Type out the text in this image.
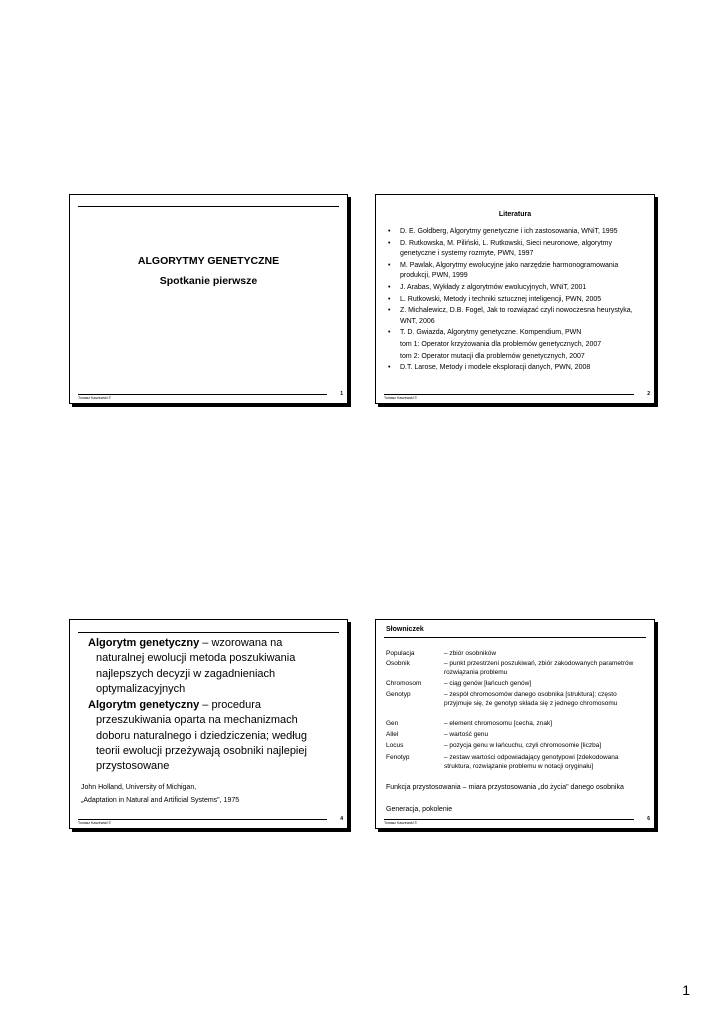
ALGORYTMY GENETYCZNE
Spotkanie pierwsze
Tomasz Kaszewski ©
1
Literatura
• D. E. Goldberg, Algorytmy genetyczne i ich zastosowania, WNiT, 1995
• D. Rutkowska, M. Piliński, L. Rutkowski, Sieci neuronowe, algorytmy genetyczne i systemy rozmyte, PWN, 1997
• M. Pawlak, Algorytmy ewolucyjne jako narzędzie harmonogramowania produkcji, PWN, 1999
• J. Arabas, Wykłady z algorytmów ewolucyjnych, WNiT, 2001
• L. Rutkowski, Metody i techniki sztucznej inteligencji, PWN, 2005
• Z. Michalewicz, D.B. Fogel, Jak to rozwiązać czyli nowoczesna heurystyka, WNT, 2006
• T. D. Gwiazda, Algorytmy genetyczne. Kompendium, PWN
tom 1: Operator krzyżowania dla problemów genetycznych, 2007
tom 2: Operator mutacji dla problemów genetycznych, 2007
• D.T. Larose, Metody i modele eksploracji danych, PWN, 2008
Tomasz Kaszewski ©
2
Algorytm genetyczny – wzorowana na naturalnej ewolucji metoda poszukiwania najlepszych decyzji w zagadnieniach optymalizacyjnych
Algorytm genetyczny – procedura przeszukiwania oparta na mechanizmach doboru naturalnego i dziedziczenia; według teorii ewolucji przeżywają osobniki najlepiej przystosowane
John Holland, University of Michigan,
„Adaptation in Natural and Artificial Systems", 1975
Tomasz Kaszewski ©
4
Słowniczek
Populacja	– zbiór osobników
Osobnik	– punkt przestrzeni poszukiwań, zbiór zakodowanych parametrów rozwiązania problemu
Chromosom	– ciąg genów [łańcuch genów]
Genotyp	– zespół chromosomów danego osobnika [struktura]; często przyjmuje się, że genotyp składa się z jednego chromosomu
Gen	– element chromosomu [cecha, znak]
Allel	– wartość genu
Locus	– pozycja genu w łańcuchu, czyli chromosomie [liczba]
Fenotyp	– zestaw wartości odpowiadający genotypowi [zdekodowana struktura, rozwiązanie problemu w notacji oryginału]
Funkcja przystosowania – miara przystosowania „do życia" danego osobnika
Generacja, pokolenie
Tomasz Kaszewski ©
6
1
